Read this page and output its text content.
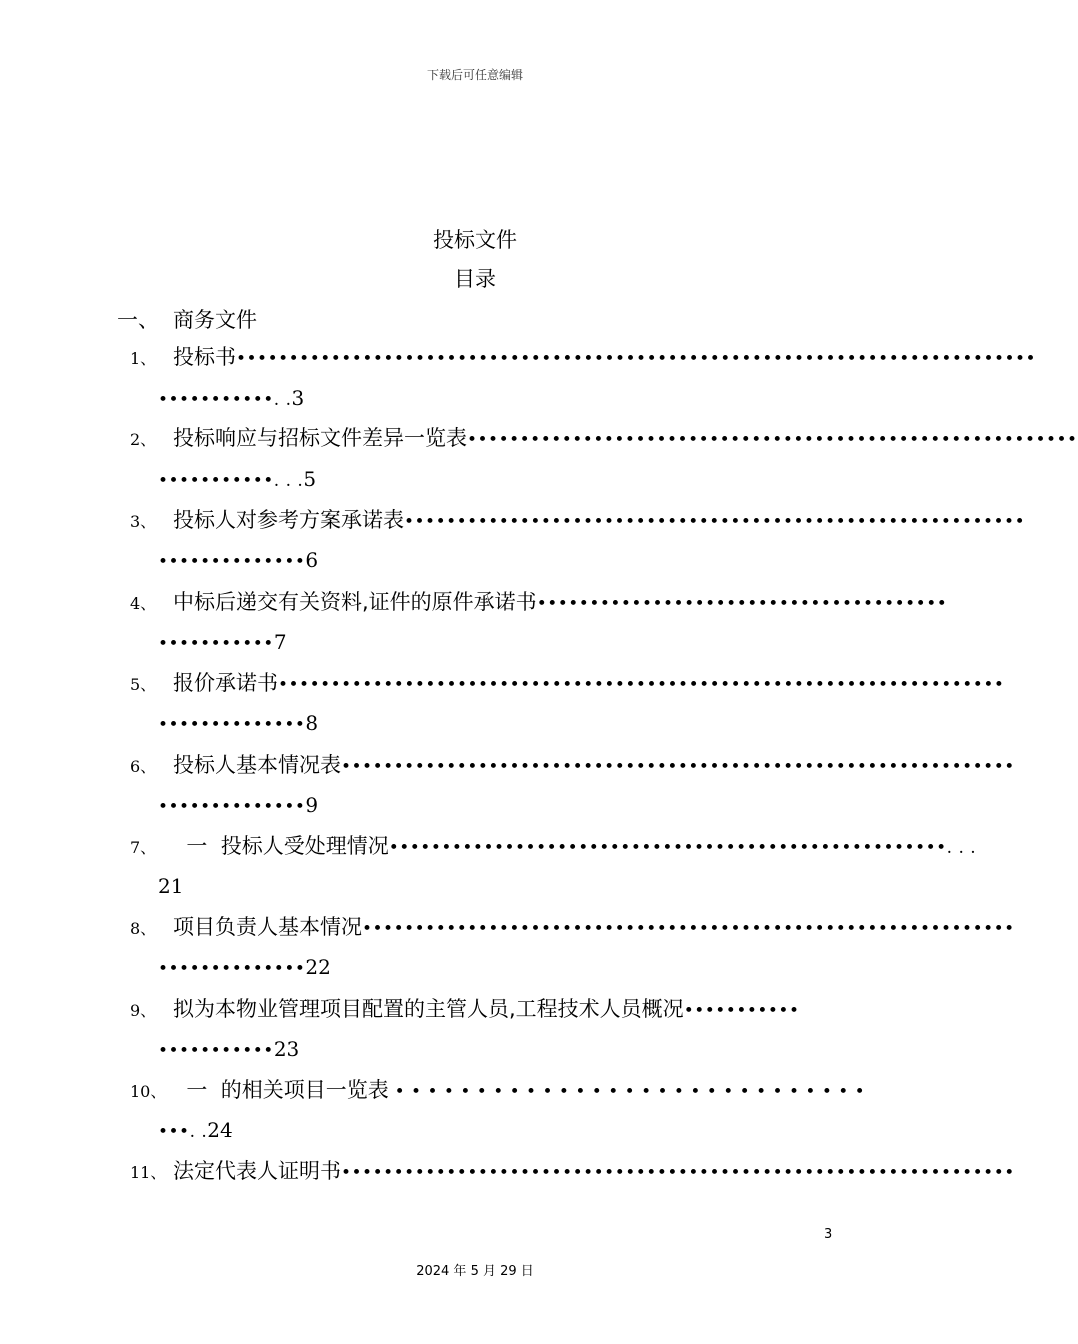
下载后可任意编辑
投标文件
目录
一、 商务文件
1、 投标书••••••••••••••••••••••••••••••••••••••••••••••••••••••••••••••••••••••••••••
•••••••••••. .3
2、 投标响应与招标文件差异一览表••••••••••••••••••••••••••••••••••••••••••••••••••••••••••
•••••••••••. . .5
3、 投标人对参考方案承诺表•••••••••••••••••••••••••••••••••••••••••••••••••••••••••••
••••••••••••••6
4、 中标后递交有关资料,证件的原件承诺书•••••••••••••••••••••••••••••••••••••••
•••••••••••7
5、 报价承诺书•••••••••••••••••••••••••••••••••••••••••••••••••••••••••••••••••••••
••••••••••••••8
6、 投标人基本情况表••••••••••••••••••••••••••••••••••••••••••••••••••••••••••••••••
••••••••••••••9
7、  一  投标人受处理情况•••••••••••••••••••••••••••••••••••••••••••••••••••••. . .
21
8、 项目负责人基本情况••••••••••••••••••••••••••••••••••••••••••••••••••••••••••••••
••••••••••••••22
9、 拟为本物业管理项目配置的主管人员,工程技术人员概况•••••••••••
•••••••••••23
10、  一  的相关项目一览表 • • • • • • • • • • • • • • • • • • • • • • • • • • • • •
•••. .24
11、 法定代表人证明书••••••••••••••••••••••••••••••••••••••••••••••••••••••••••••••••
3
2024 年 5 月 29 日
